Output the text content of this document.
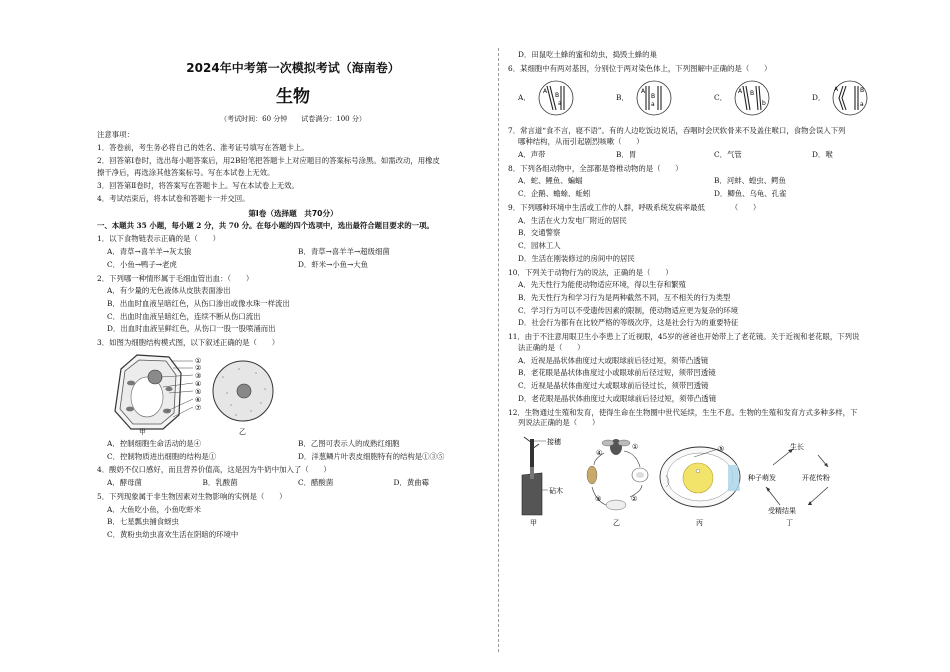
2024年中考第一次模拟考试（海南卷）
生物
（考试时间：60 分钟　　试卷满分：100 分）
注意事项：
1．答卷前，考生务必将自己的姓名、准考证号填写在答题卡上。
2．回答第Ⅰ卷时，选出每小题答案后，用2B铅笔把答题卡上对应题目的答案标号涂黑。如需改动，用橡皮
擦干净后，再选涂其他答案标号。写在本试卷上无效。
3．回答第Ⅱ卷时，将答案写在答题卡上。写在本试卷上无效。
4．考试结束后，将本试卷和答题卡一并交回。
第Ⅰ卷（选择题　共70分）
一、本题共 35 小题，每小题 2 分，共 70 分。在每小题的四个选项中，选出最符合题目要求的一项。
1．以下食物链表示正确的是（　　）
A．青草→喜羊羊→灰太狼	B．青草→喜羊羊→超级细菌
C．小鱼→鸭子→老虎	D．虾米→小鱼→大鱼
2．下列哪一种情形属于毛细血管出血：（　　）
A．有少量的无色液体从皮肤表面渗出
B．出血时血液呈暗红色，从伤口渗出或像水珠一样流出
C．出血时血液呈暗红色，连续不断从伤口流出
D．出血时血液呈鲜红色，从伤口一股一股喷涌而出
3．如图为细胞结构模式图，以下叙述正确的是（　　）
①
②
③
④
⑤
⑥
⑦
甲	乙
A．控制细胞生命活动的是④	B．乙图可表示人的成熟红细胞
C．控制物质进出细胞的结构是①	D．洋葱鳞片叶表皮细胞特有的结构是①③⑤
4．酸奶不仅口感好，而且营养价值高，这是因为牛奶中加入了（　　）
A．酵母菌	B．乳酸菌	C．醋酸菌	D．黄曲霉
5．下列现象属于非生物因素对生物影响的实例是（　　）
A．大鱼吃小鱼，小鱼吃虾米
B．七星瓢虫捕食蚜虫
C．黄粉虫幼虫喜欢生活在阴暗的环境中
D．田鼠吃土蜂的蜜和幼虫，捣毁土蜂的巢
6．某细胞中有两对基因，分别位于两对染色体上，下列图解中正确的是（　　）
A．
A
B
a
B．
A
B
a
C．
A B
b
D．
A	B
a
7．常言道“食不言，寝不语”。有的人边吃饭边说话，吞咽时会厌软骨来不及盖住喉口，食物会误入下列
哪种结构，从而引起剧烈咳嗽（　　）
A．声带	B．胃	C．气管	D．喉
8．下列各组动物中，全部都是脊椎动物的是（　　）
A．蛇、鲤鱼、蝙蝠	B．河蚌、蝗虫、鳄鱼
C．企鹅、蟾蜍、蚯蚓	D．鲫鱼、乌龟、孔雀
9．下列哪种环境中生活或工作的人群，呼吸系统发病率最低　　　　（　　）
A．生活在火力发电厂附近的居民
B．交通警察
C．园林工人
D．生活在刚装修过的房间中的居民
10．下列关于动物行为的说法，正确的是（　　）
A．先天性行为能使动物适应环境，得以生存和繁殖
B．先天性行为和学习行为是两种截然不同，互不相关的行为类型
C．学习行为可以不受遗传因素的限制，使动物适应更为复杂的环境
D．社会行为都有在比较严格的等级次序，这是社会行为的重要特征
11．由于不注意用眼卫生小李患上了近视眼，45岁的爸爸也开始带上了老花镜。关于近视和老花眼，下列说
法正确的是（　　）
A．近视是晶状体曲度过大或眼球前后径过短，须带凸透镜
B．老花眼是晶状体曲度过小或眼球前后径过短，须带凹透镜
C．近视是晶状体曲度过大或眼球前后径过长，须带凹透镜
D．老花眼是晶状体曲度过大或眼球前后径过短，须带凸透镜
12．生物通过生殖和发育，使得生命在生物圈中世代延续，生生不息。生物的生殖和发育方式多种多样，下
列说法正确的是（　　）
接穗
砧木
甲
①
②
③
④
乙
⑤
丙
生长
开花传粉
种子萌发
受精结果
丁
